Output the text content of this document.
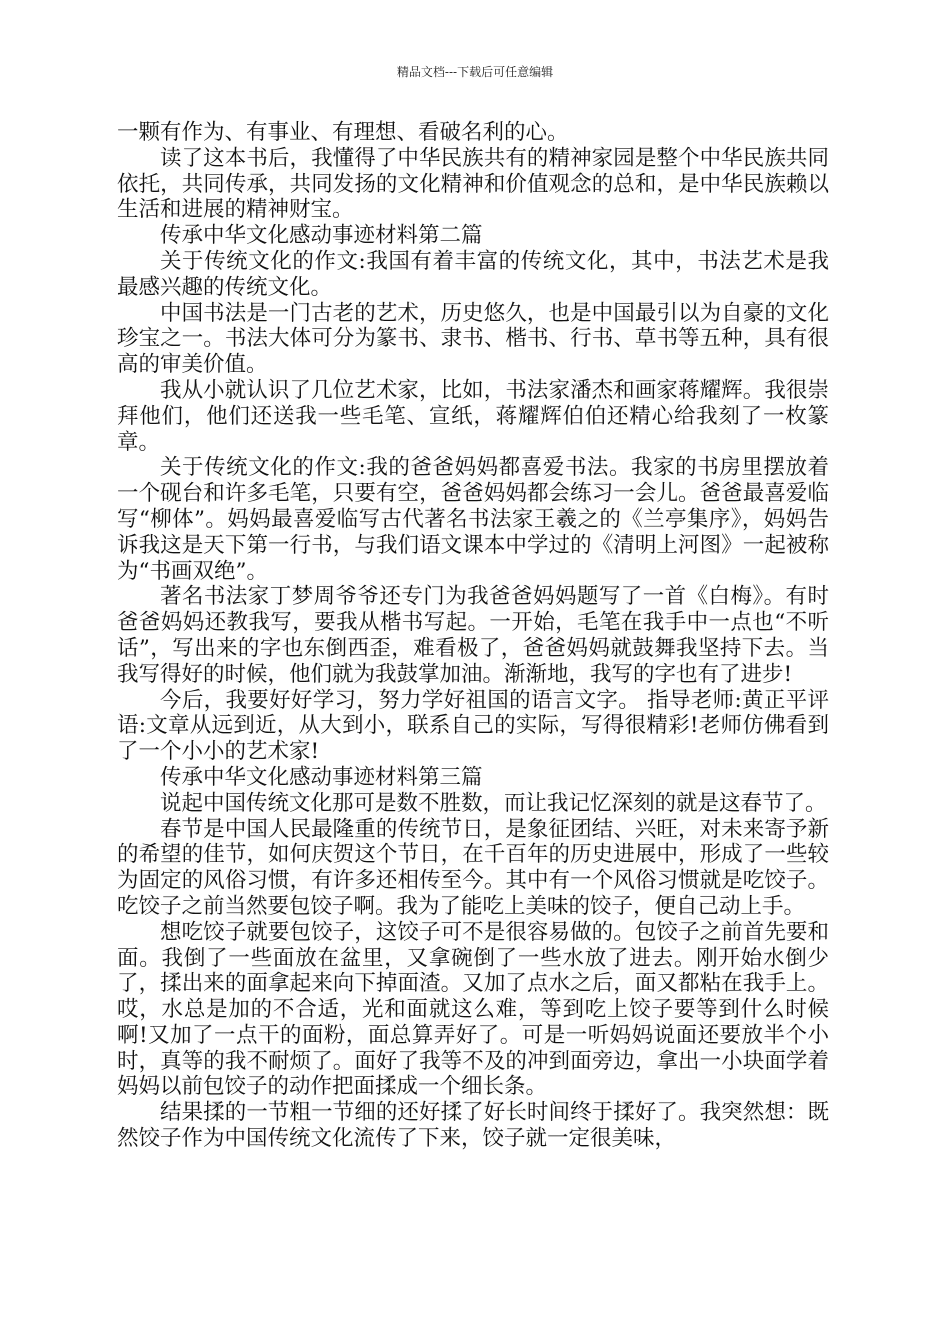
精品文档---下载后可任意编辑

一颗有作为、有事业、有理想、看破名利的心。

读了这本书后，我懂得了中华民族共有的精神家园是整个中华民族共同依托，共同传承，共同发扬的文化精神和价值观念的总和，是中华民族赖以生活和进展的精神财宝。

传承中华文化感动事迹材料第二篇

关于传统文化的作文:我国有着丰富的传统文化，其中，书法艺术是我最感兴趣的传统文化。

中国书法是一门古老的艺术，历史悠久，也是中国最引以为自豪的文化珍宝之一。书法大体可分为篆书、隶书、楷书、行书、草书等五种，具有很高的审美价值。

我从小就认识了几位艺术家，比如，书法家潘杰和画家蒋耀辉。我很崇拜他们，他们还送我一些毛笔、宣纸，蒋耀辉伯伯还精心给我刻了一枚篆章。

关于传统文化的作文:我的爸爸妈妈都喜爱书法。我家的书房里摆放着一个砚台和许多毛笔，只要有空，爸爸妈妈都会练习一会儿。爸爸最喜爱临写“柳体”。妈妈最喜爱临写古代著名书法家王羲之的《兰亭集序》，妈妈告诉我这是天下第一行书，与我们语文课本中学过的《清明上河图》一起被称为“书画双绝”。

著名书法家丁梦周爷爷还专门为我爸爸妈妈题写了一首《白梅》。有时爸爸妈妈还教我写，要我从楷书写起。一开始，毛笔在我手中一点也“不听话”，写出来的字也东倒西歪，难看极了，爸爸妈妈就鼓舞我坚持下去。当我写得好的时候，他们就为我鼓掌加油。渐渐地，我写的字也有了进步!

今后，我要好好学习，努力学好祖国的语言文字。 指导老师:黄正平评语:文章从远到近，从大到小，联系自己的实际，写得很精彩!老师仿佛看到了一个小小的艺术家!

传承中华文化感动事迹材料第三篇

说起中国传统文化那可是数不胜数，而让我记忆深刻的就是这春节了。

春节是中国人民最隆重的传统节日，是象征团结、兴旺，对未来寄予新的希望的佳节，如何庆贺这个节日，在千百年的历史进展中，形成了一些较为固定的风俗习惯，有许多还相传至今。其中有一个风俗习惯就是吃饺子。吃饺子之前当然要包饺子啊。我为了能吃上美味的饺子，便自己动上手。

想吃饺子就要包饺子，这饺子可不是很容易做的。包饺子之前首先要和面。我倒了一些面放在盆里，又拿碗倒了一些水放了进去。刚开始水倒少了，揉出来的面拿起来向下掉面渣。又加了点水之后，面又都粘在我手上。哎，水总是加的不合适，光和面就这么难，等到吃上饺子要等到什么时候啊!又加了一点干的面粉，面总算弄好了。可是一听妈妈说面还要放半个小时，真等的我不耐烦了。面好了我等不及的冲到面旁边，拿出一小块面学着妈妈以前包饺子的动作把面揉成一个细长条。

结果揉的一节粗一节细的还好揉了好长时间终于揉好了。我突然想：既然饺子作为中国传统文化流传了下来，饺子就一定很美味，
